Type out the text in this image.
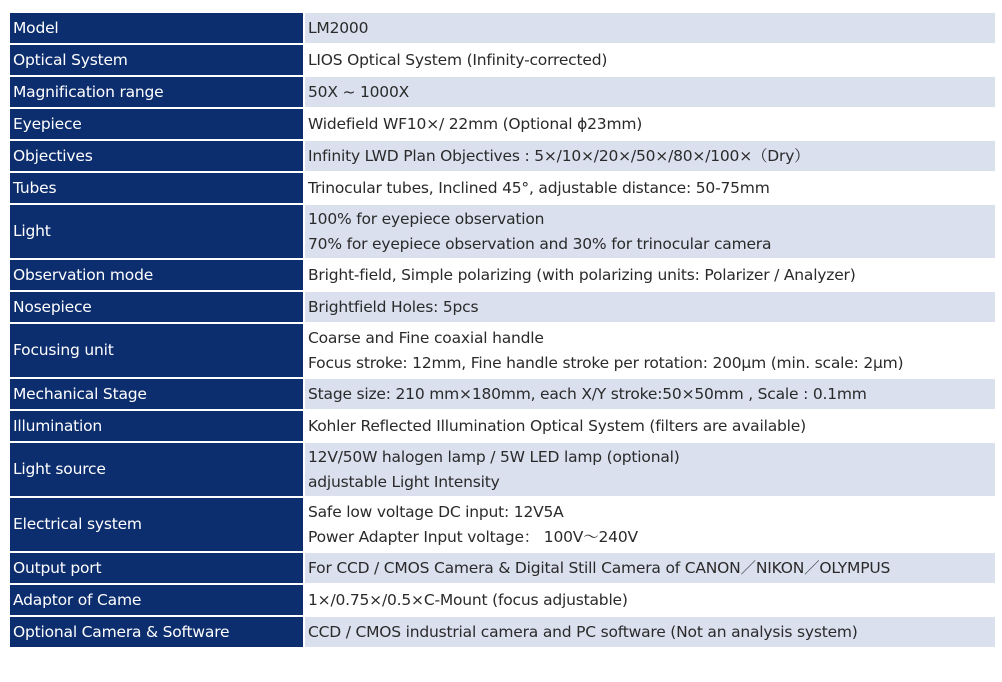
Model	LM2000

Optical System	LIOS Optical System (Infinity-corrected)

Magnification range	50X ~ 1000X

Eyepiece	Widefield WF10×/ 22mm (Optional ϕ23mm)

Objectives	Infinity LWD Plan Objectives : 5×/10×/20×/50×/80×/100×（Dry）

Tubes	Trinocular tubes, Inclined 45°, adjustable distance: 50-75mm

Light	100% for eyepiece observation
70% for eyepiece observation and 30% for trinocular camera

Observation mode	Bright-field, Simple polarizing (with polarizing units: Polarizer / Analyzer)

Nosepiece	Brightfield Holes: 5pcs

Focusing unit	Coarse and Fine coaxial handle
Focus stroke: 12mm, Fine handle stroke per rotation: 200μm (min. scale: 2μm)

Mechanical Stage	Stage size: 210 mm×180mm, each X/Y stroke:50×50mm , Scale : 0.1mm

Illumination	Kohler Reflected Illumination Optical System (filters are available)

Light source	12V/50W halogen lamp / 5W LED lamp (optional)
adjustable Light Intensity

Electrical system	Safe low voltage DC input: 12V5A
Power Adapter Input voltage： 100V～240V

Output port	For CCD / CMOS Camera & Digital Still Camera of CANON／NIKON／OLYMPUS

Adaptor of Came	1×/0.75×/0.5×C-Mount (focus adjustable)

Optional Camera & Software	CCD / CMOS industrial camera and PC software (Not an analysis system)
